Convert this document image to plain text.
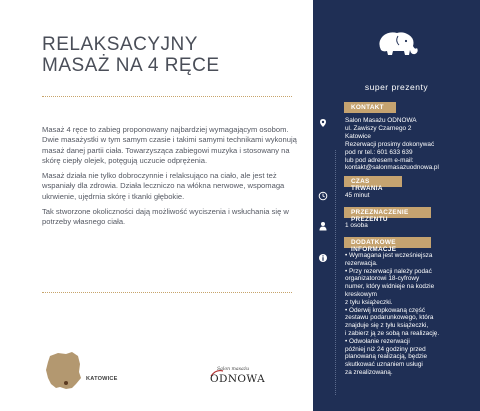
RELAKSACYJNY
MASAŻ NA 4 RĘCE

Masaż 4 ręce to zabieg proponowany najbardziej wymagającym osobom. Dwie masażystki w tym samym czasie i takimi samymi technikami wykonują masaż danej partii ciała. Towarzysząca zabiegowi muzyka i stosowany na skórę ciepły olejek, potęgują uczucie odprężenia.

Masaż działa nie tylko dobroczynnie i relaksująco na ciało, ale jest też wspaniały dla zdrowia. Działa leczniczo na włókna nerwowe, wspomaga ukrwienie, ujędrnia skórę i tkanki głębokie.

Tak stworzone okoliczności dają możliwość wyciszenia i wsłuchania się w potrzeby własnego ciała.

KATOWICE
Salon masażu
ODNOWA
super prezenty
KONTAKT
Salon Masażu ODNOWA
ul. Zawiszy Czarnego 2
Katowice
Rezerwacji prosimy dokonywać
pod nr tel.: 601 633 639
lub pod adresem e-mail:
kontakt@salonmasazuodnowa.pl
CZAS TRWANIA
45 minut
PRZEZNACZENIE PREZENTU
1 osoba
DODATKOWE INFORMACJE
• Wymagana jest wcześniejsza
rezerwacja.
• Przy rezerwacji należy podać
organizatorowi 18-cyfrowy
numer, który widnieje na kodzie
kreskowym
z tyłu książeczki.
• Oderwij kropkowaną część
zestawu podarunkowego, która
znajduje się z tyłu książeczki,
i zabierz ją ze sobą na realizację.
• Odwołanie rezerwacji
później niż 24 godziny przed
planowaną realizacją, będzie
skutkować uznaniem usługi
za zrealizowaną.
